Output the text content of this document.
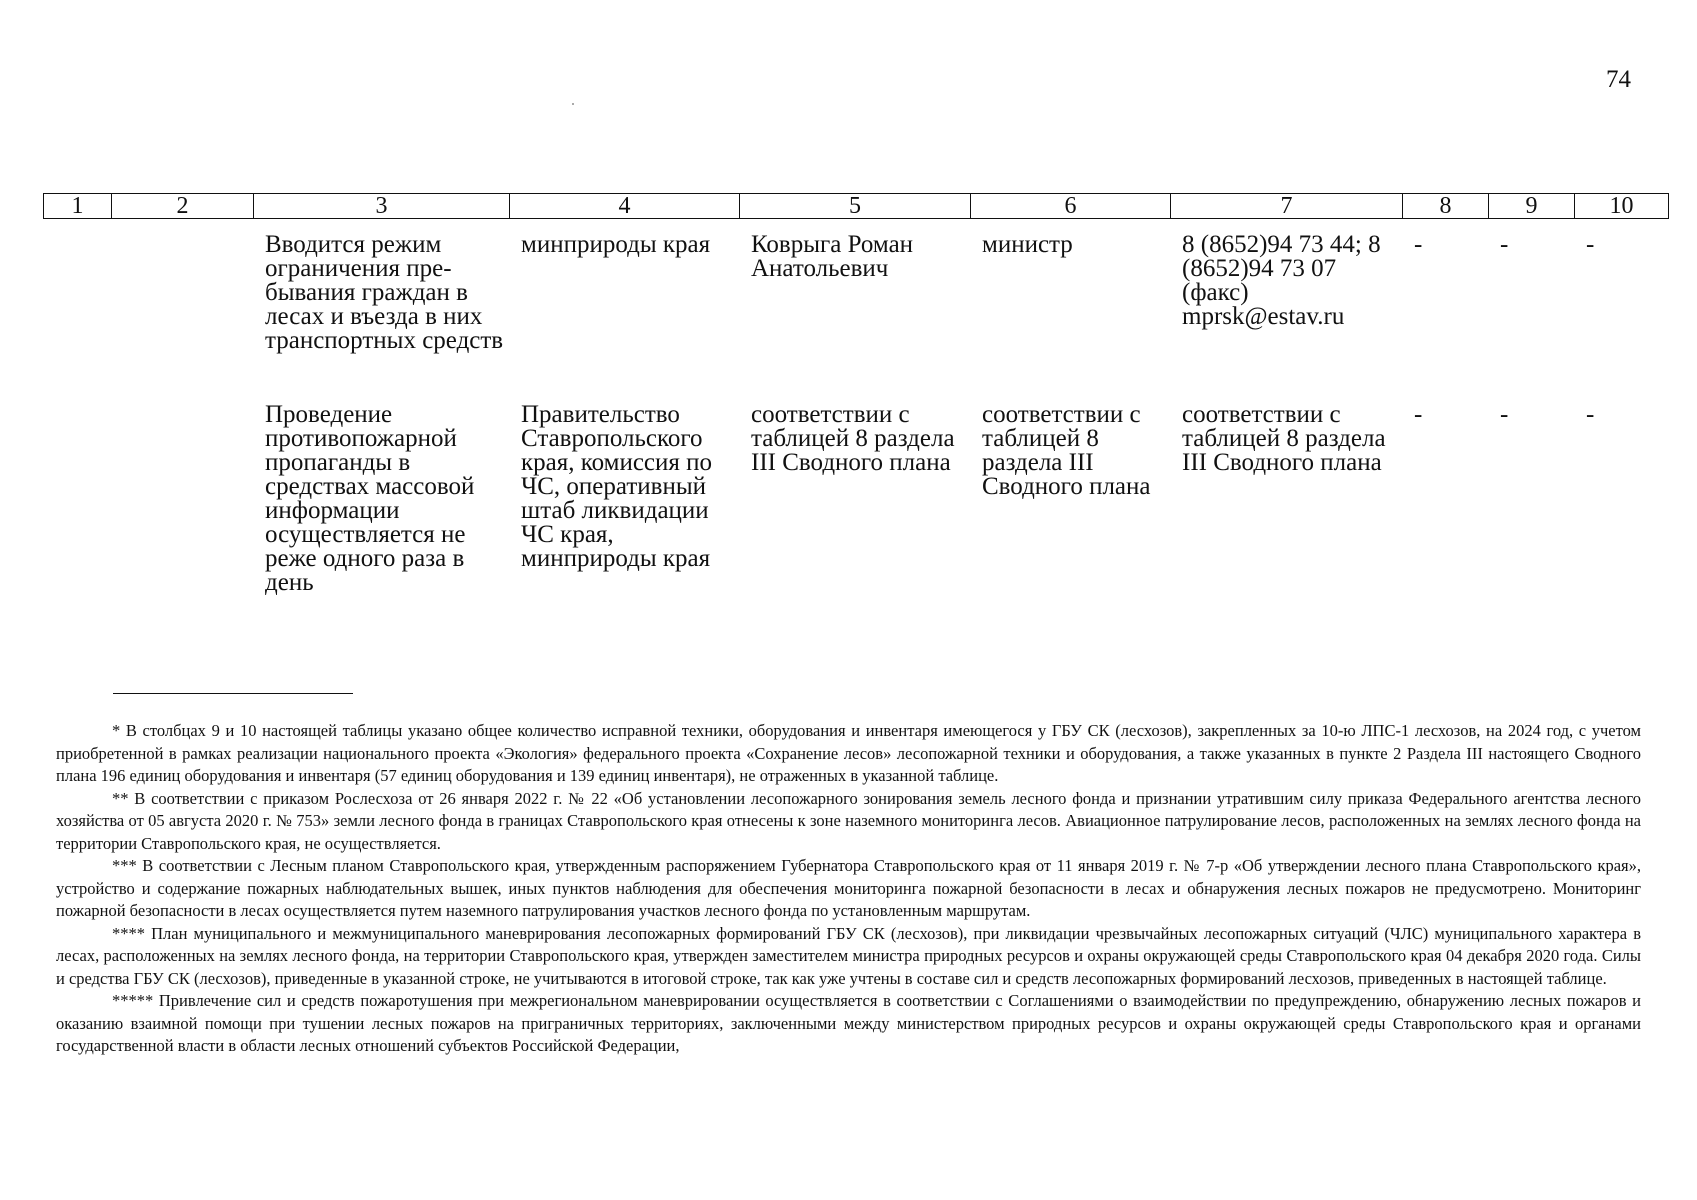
74
1	2	3	4	5	6	7	8	9	10
		Вводится режим ограничения пре-бывания граждан в лесах и въезда в них транспортных средств	минприроды края	Коврыга Роман Анатольевич	министр	8 (8652)94 73 44; 8 (8652)94 73 07 (факс) mprsk@estav.ru	-	-	-

		Проведение противопожарной пропаганды в средствах массовой информации осуществляется не реже одного раза в день	Правительство Ставропольского края, комиссия по ЧС, оперативный штаб ликвидации ЧС края, минприроды края	соответствии с таблицей 8 раздела III Сводного плана	соответствии с таблицей 8 раздела III Сводного плана	соответствии с таблицей 8 раздела III Сводного плана	-	-	-

* В столбцах 9 и 10 настоящей таблицы указано общее количество исправной техники, оборудования и инвентаря имеющегося у ГБУ СК (лесхозов), закрепленных за 10-ю ЛПС-1 лесхозов, на 2024 год, с учетом приобретенной в рамках реализации национального проекта «Экология» федерального проекта «Сохранение лесов» лесопожарной техники и оборудования, а также указанных в пункте 2 Раздела III настоящего Сводного плана 196 единиц оборудования и инвентаря (57 единиц оборудования и 139 единиц инвентаря), не отраженных в указанной таблице.

** В соответствии с приказом Рослесхоза от 26 января 2022 г. № 22 «Об установлении лесопожарного зонирования земель лесного фонда и признании утратившим силу приказа Федерального агентства лесного хозяйства от 05 августа 2020 г. № 753» земли лесного фонда в границах Ставропольского края отнесены к зоне наземного мониторинга лесов. Авиационное патрулирование лесов, расположенных на землях лесного фонда на территории Ставропольского края, не осуществляется.

*** В соответствии с Лесным планом Ставропольского края, утвержденным распоряжением Губернатора Ставропольского края от 11 января 2019 г. № 7-р «Об утверждении лесного плана Ставропольского края», устройство и содержание пожарных наблюдательных вышек, иных пунктов наблюдения для обеспечения мониторинга пожарной безопасности в лесах и обнаружения лесных пожаров не предусмотрено. Мониторинг пожарной безопасности в лесах осуществляется путем наземного патрулирования участков лесного фонда по установленным маршрутам.

**** План муниципального и межмуниципального маневрирования лесопожарных формирований ГБУ СК (лесхозов), при ликвидации чрезвычайных лесопожарных ситуаций (ЧЛС) муниципального характера в лесах, расположенных на землях лесного фонда, на территории Ставропольского края, утвержден заместителем министра природных ресурсов и охраны окружающей среды Ставропольского края 04 декабря 2020 года. Силы и средства ГБУ СК (лесхозов), приведенные в указанной строке, не учитываются в итоговой строке, так как уже учтены в составе сил и средств лесопожарных формирований лесхозов, приведенных в настоящей таблице.

***** Привлечение сил и средств пожаротушения при межрегиональном маневрировании осуществляется в соответствии с Соглашениями о взаимодействии по предупреждению, обнаружению лесных пожаров и оказанию взаимной помощи при тушении лесных пожаров на приграничных территориях, заключенными между министерством природных ресурсов и охраны окружающей среды Ставропольского края и органами государственной власти в области лесных отношений субъектов Российской Федерации,
